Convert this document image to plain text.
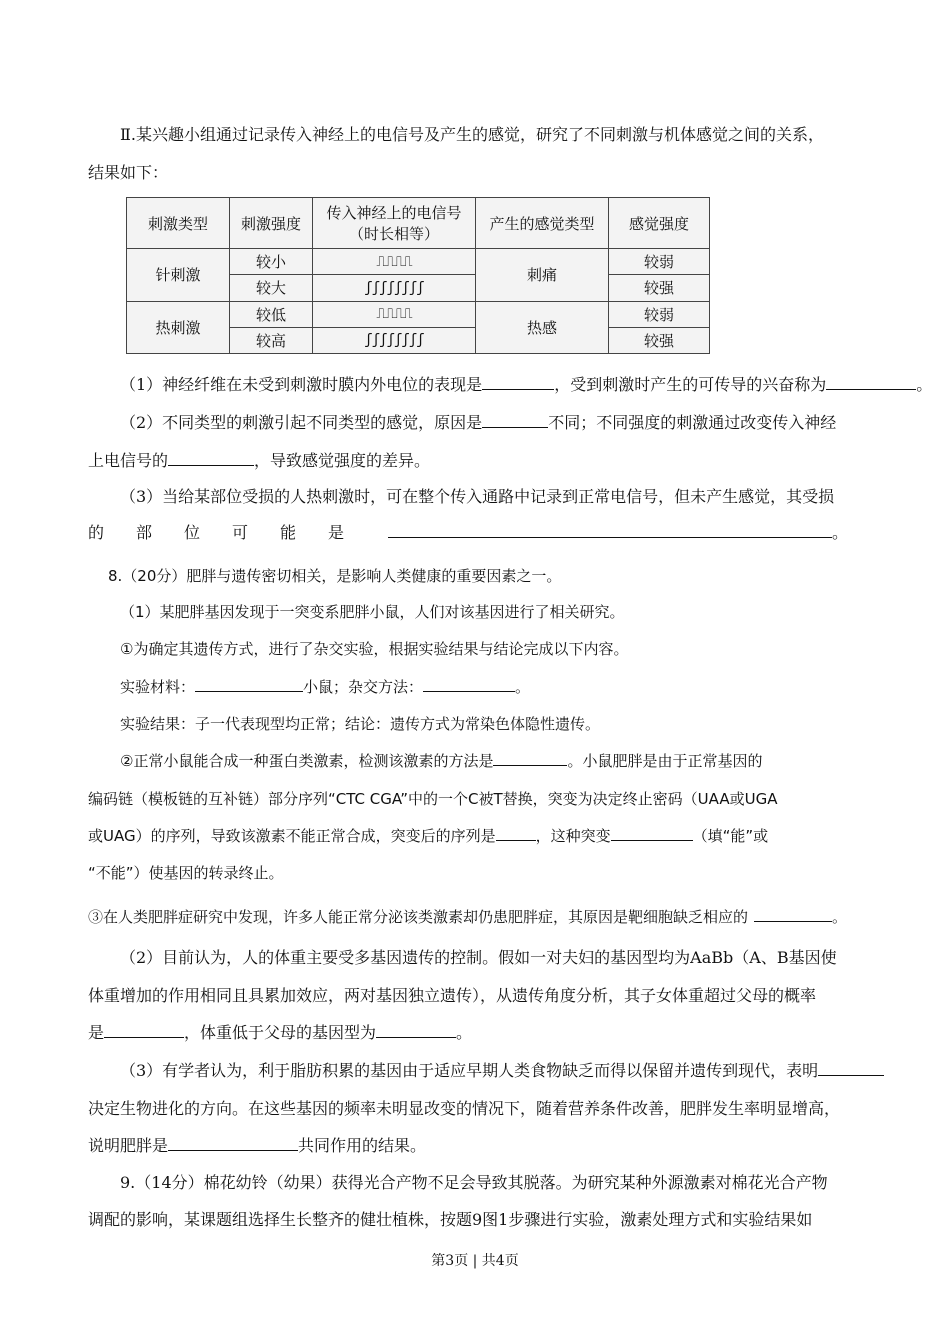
Ⅱ.某兴趣小组通过记录传入神经上的电信号及产生的感觉，研究了不同刺激与机体感觉之间的关系，
结果如下：
刺激类型	刺激强度	传入神经上的电信号
（时长相等）	产生的感觉类型	感觉强度
针刺激	较小	⎍⎍⎍⎍	刺痛	较弱
	较大	ʃʃʃʃʃʃʃʃ		较强
热刺激	较低	⎍⎍⎍⎍	热感	较弱
	较高	ʃʃʃʃʃʃʃʃ		较强
（1）神经纤维在未受到刺激时膜内外电位的表现是	，受到刺激时产生的可传导的兴奋称为	。
（2）不同类型的刺激引起不同类型的感觉，原因是	不同；不同强度的刺激通过改变传入神经
上电信号的	，导致感觉强度的差异。
（3）当给某部位受损的人热刺激时，可在整个传入通路中记录到正常电信号，但未产生感觉，其受损
的　　部　　位　　可　　能　　是	。
8.（20分）肥胖与遗传密切相关，是影响人类健康的重要因素之一。
（1）某肥胖基因发现于一突变系肥胖小鼠，人们对该基因进行了相关研究。
①为确定其遗传方式，进行了杂交实验，根据实验结果与结论完成以下内容。
实验材料：	小鼠；杂交方法：	。
实验结果：子一代表现型均正常；结论：遗传方式为常染色体隐性遗传。
②正常小鼠能合成一种蛋白类激素，检测该激素的方法是	。小鼠肥胖是由于正常基因的
编码链（模板链的互补链）部分序列“CTC CGA”中的一个C被T替换，突变为决定终止密码（UAA或UGA
或UAG）的序列，导致该激素不能正常合成，突变后的序列是	，这种突变	（填“能”或
“不能”）使基因的转录终止。
③在人类肥胖症研究中发现，许多人能正常分泌该类激素却仍患肥胖症，其原因是靶细胞缺乏相应的	。
（2）目前认为，人的体重主要受多基因遗传的控制。假如一对夫妇的基因型均为AaBb（A、B基因使
体重增加的作用相同且具累加效应，两对基因独立遗传），从遗传角度分析，其子女体重超过父母的概率
是	，体重低于父母的基因型为	。
（3）有学者认为，利于脂肪积累的基因由于适应早期人类食物缺乏而得以保留并遗传到现代，表明
决定生物进化的方向。在这些基因的频率未明显改变的情况下，随着营养条件改善，肥胖发生率明显增高，
说明肥胖是	共同作用的结果。
9.（14分）棉花幼铃（幼果）获得光合产物不足会导致其脱落。为研究某种外源激素对棉花光合产物
调配的影响，某课题组选择生长整齐的健壮植株，按题9图1步骤进行实验，激素处理方式和实验结果如
第3页 | 共4页
